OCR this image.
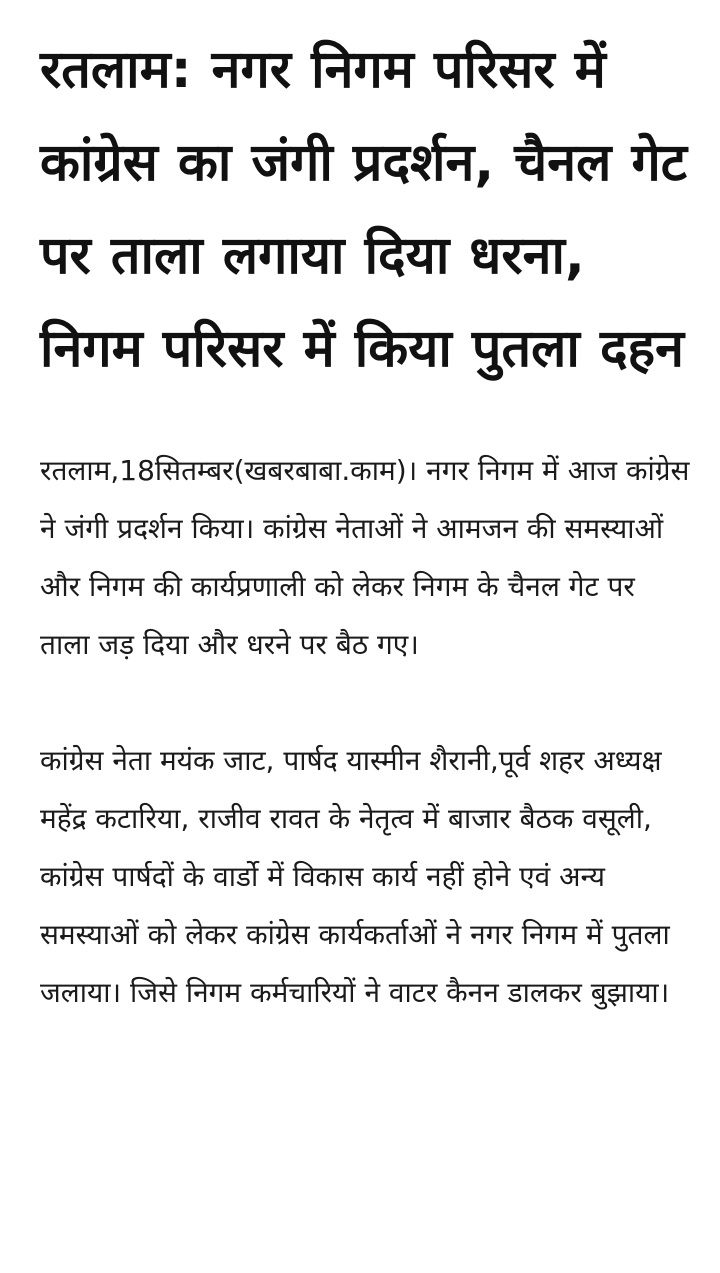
रतलाम: नगर निगम परिसर में कांग्रेस का जंगी प्रदर्शन, चैनल गेट पर ताला लगाया दिया धरना, निगम परिसर में किया पुतला दहन

रतलाम,18सितम्बर(खबरबाबा.काम)। नगर निगम में आज कांग्रेस ने जंगी प्रदर्शन किया। कांग्रेस नेताओं ने आमजन की समस्याओं और निगम की कार्यप्रणाली को लेकर निगम के चैनल गेट पर ताला जड़ दिया और धरने पर बैठ गए।

कांग्रेस नेता मयंक जाट, पार्षद यास्मीन शैरानी,पूर्व शहर अध्यक्ष महेंद्र कटारिया, राजीव रावत के नेतृत्व में बाजार बैठक वसूली, कांग्रेस पार्षदों के वार्डो में विकास कार्य नहीं होने एवं अन्य समस्याओं को लेकर कांग्रेस कार्यकर्ताओं ने नगर निगम में पुतला जलाया। जिसे निगम कर्मचारियों ने वाटर कैनन डालकर बुझाया।
